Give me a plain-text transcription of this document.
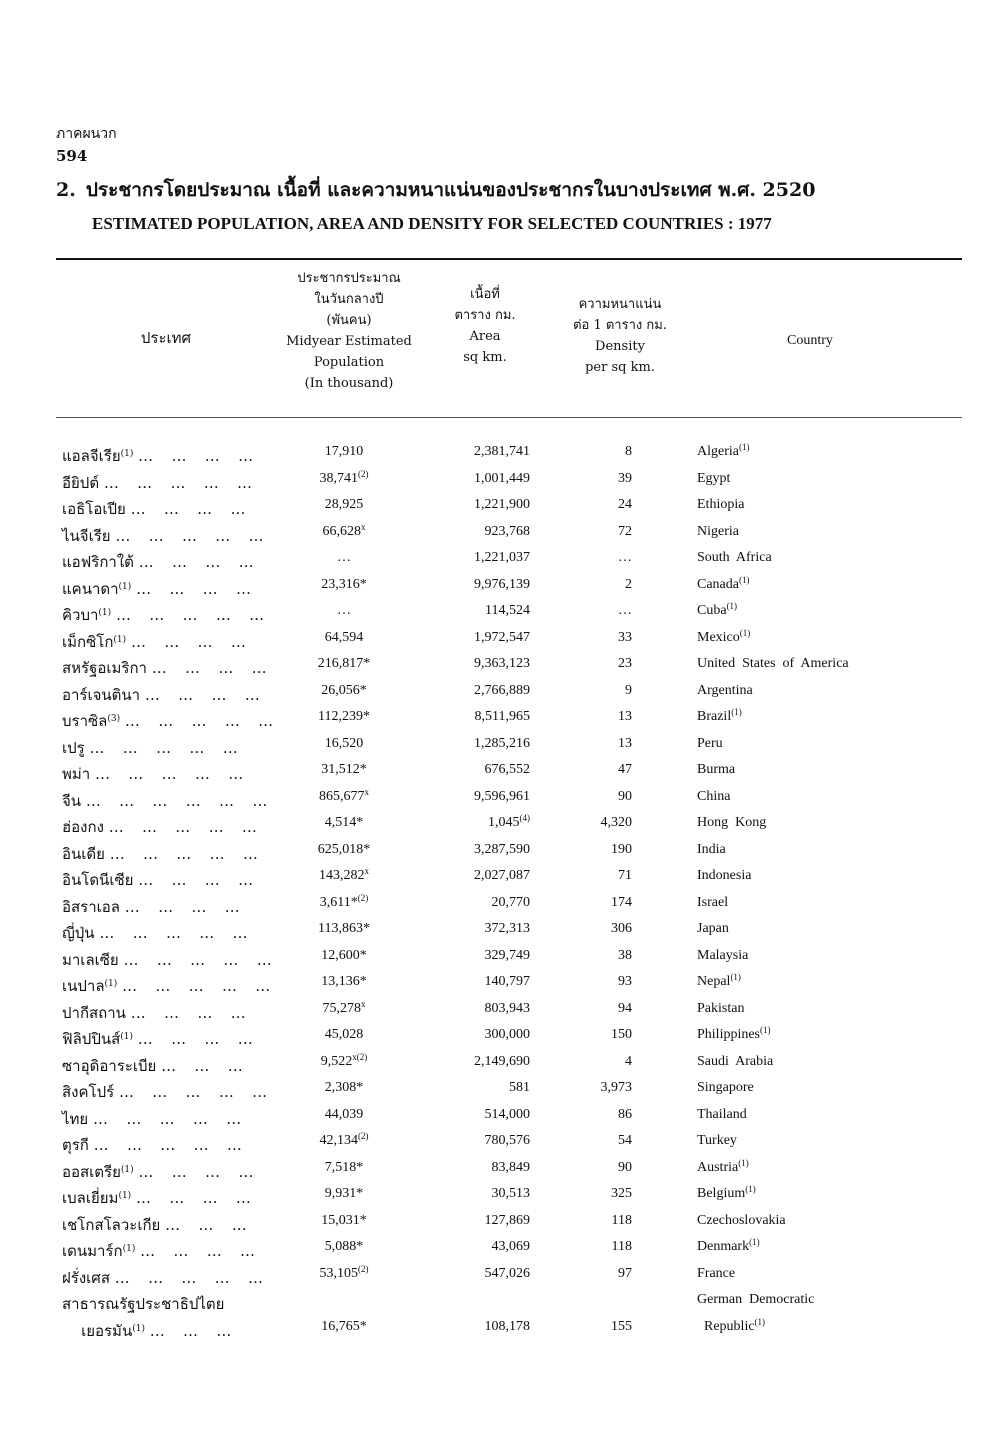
ภาคผนวก
594
2. ประชากรโดยประมาณ เนื้อที่ และความหนาแน่นของประชากรในบางประเทศ พ.ศ. 2520
ESTIMATED POPULATION, AREA AND DENSITY FOR SELECTED COUNTRIES : 1977
ประเทศ
ประชากรประมาณ
ในวันกลางปี
(พันคน)
Midyear Estimated
Population
(In thousand)
เนื้อที่
ตาราง กม.
Area
sq km.
ความหนาแน่น
ต่อ 1 ตาราง กม.
Density
per sq km.
Country
แอลจีเรีย$^{(1)}$ …   …   …   …	17,910	2,381,741	8	Algeria$^{(1)}$
อียิปต์ …   …   …   …   …	38,741$^{(2)}$	1,001,449	39	Egypt
เอธิโอเปีย …   …   …   …	28,925	1,221,900	24	Ethiopia
ไนจีเรีย …   …   …   …   …	66,628$^x$	923,768	72	Nigeria
แอฟริกาใต้ …   …   …   …	…	1,221,037	…	South  Africa
แคนาดา$^{(1)}$ …   …   …   …	23,316*	9,976,139	2	Canada$^{(1)}$
คิวบา$^{(1)}$ …   …   …   …   …	…	114,524	…	Cuba$^{(1)}$
เม็กซิโก$^{(1)}$ …   …   …   …	64,594	1,972,547	33	Mexico$^{(1)}$
สหรัฐอเมริกา …   …   …   …	216,817*	9,363,123	23	United  States  of  America
อาร์เจนตินา …   …   …   …	26,056*	2,766,889	9	Argentina
บราซิล$^{(3)}$ …   …   …   …   …	112,239*	8,511,965	13	Brazil$^{(1)}$
เปรู …   …   …   …   …	16,520	1,285,216	13	Peru
พม่า …   …   …   …   …	31,512*	676,552	47	Burma
จีน …   …   …   …   …   …	865,677$^x$	9,596,961	90	China
ฮ่องกง …   …   …   …   …	4,514*	1,045$^{(4)}$	4,320	Hong  Kong
อินเดีย …   …   …   …   …	625,018*	3,287,590	190	India
อินโดนีเซีย …   …   …   …	143,282$^x$	2,027,087	71	Indonesia
อิสราเอล …   …   …   …	3,611*$^{(2)}$	20,770	174	Israel
ญี่ปุ่น …   …   …   …   …	113,863*	372,313	306	Japan
มาเลเซีย …   …   …   …   …	12,600*	329,749	38	Malaysia
เนปาล$^{(1)}$ …   …   …   …   …	13,136*	140,797	93	Nepal$^{(1)}$
ปากีสถาน …   …   …   …	75,278$^x$	803,943	94	Pakistan
ฟิลิปปินส์$^{(1)}$ …   …   …   …	45,028	300,000	150	Philippines$^{(1)}$
ซาอุดิอาระเบีย …   …   …	$9,522^{x(2)}$	2,149,690	4	Saudi  Arabia
สิงคโปร์ …   …   …   …   …	2,308*	581	3,973	Singapore
ไทย …   …   …   …   …	44,039	514,000	86	Thailand
ตุรกี …   …   …   …   …	42,134$^{(2)}$	780,576	54	Turkey
ออสเตรีย$^{(1)}$ …   …   …   …	7,518*	83,849	90	Austria$^{(1)}$
เบลเยี่ยม$^{(1)}$ …   …   …   …	9,931*	30,513	325	Belgium$^{(1)}$
เชโกสโลวะเกีย …   …   …	15,031*	127,869	118	Czechoslovakia
เดนมาร์ก$^{(1)}$ …   …   …   …	5,088*	43,069	118	Denmark$^{(1)}$
ฝรั่งเศส …   …   …   …   …	53,105$^{(2)}$	547,026	97	France
สาธารณรัฐประชาธิปไตย	German  Democratic
เยอรมัน$^{(1)}$ …   …   …	16,765*	108,178	155	Republic$^{(1)}$
